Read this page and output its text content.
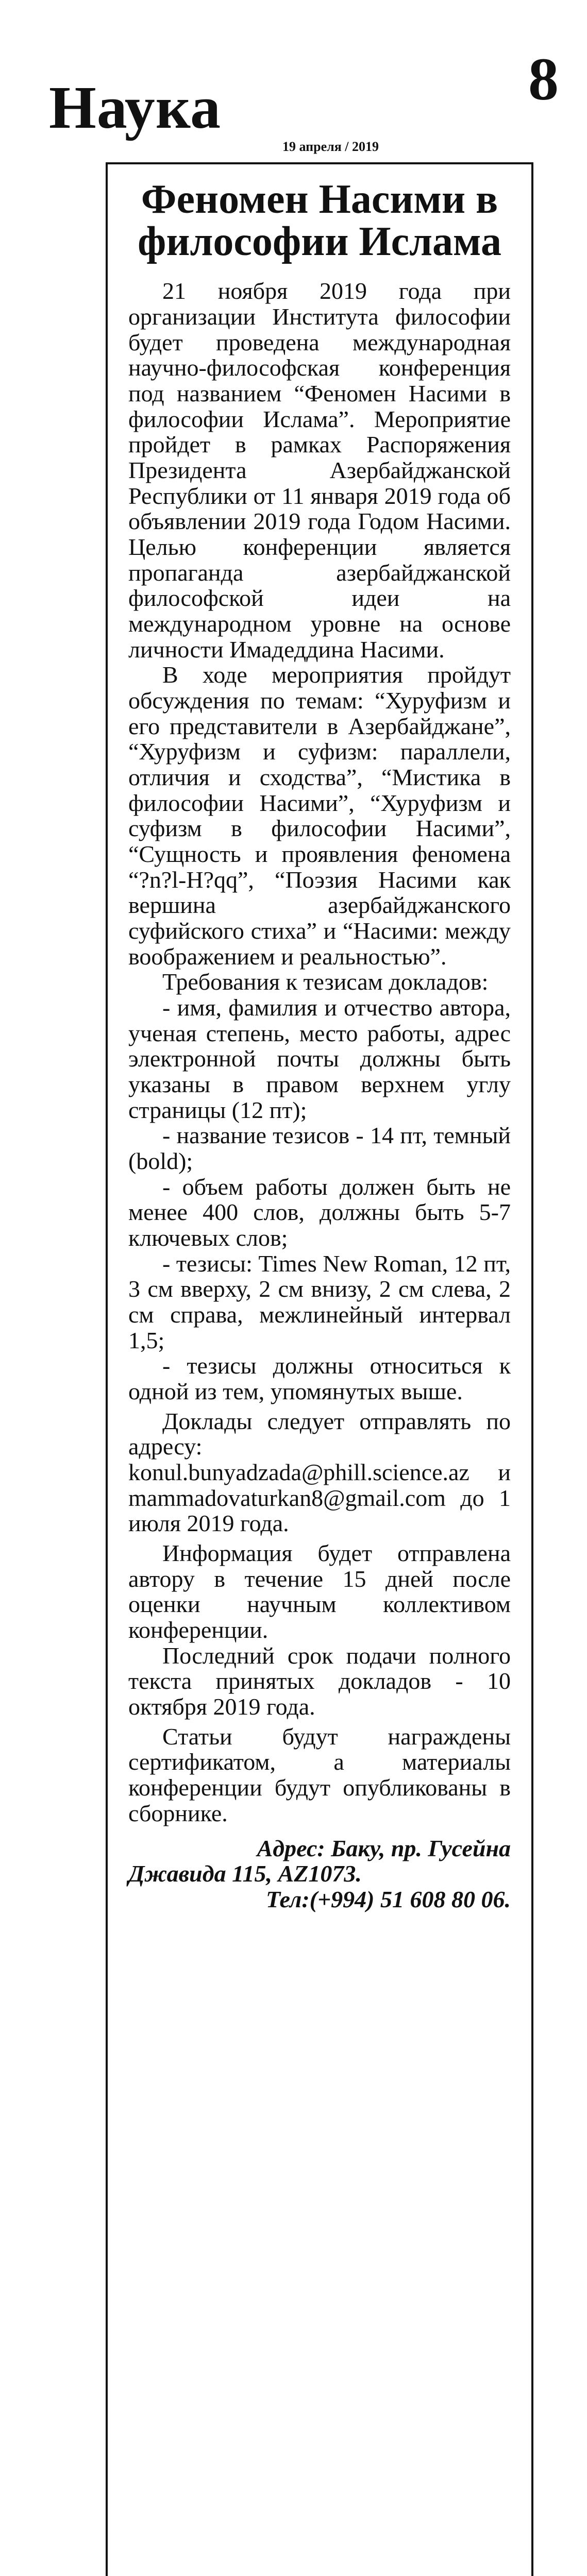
Наука	8
19 апреля / 2019
Феномен Насими в философии Ислама

21 ноября 2019 года при организации Института философии будет проведена международная научно-философская конференция под названием “Феномен Насими в философии Ислама”. Мероприятие пройдет в рамках Распоряжения Президента Азербайджанской Республики от 11 января 2019 года об объявлении 2019 года Годом Насими. Целью конференции является пропаганда азербайджанской философской идеи на международном уровне на основе личности Имадеддина Насими.

В ходе мероприятия пройдут обсуждения по темам: “Хуруфизм и его представители в Азербайджане”, “Хуруфизм и суфизм: параллели, отличия и сходства”, “Мистика в философии Насими”, “Хуруфизм и суфизм в философии Насими”, “Сущность и проявления феномена “?n?l-H?qq”, “Поэзия Насими как вершина азербайджанского суфийского стиха” и “Насими: между воображением и реальностью”.

Требования к тезисам докладов:

- имя, фамилия и отчество автора, ученая степень, место работы, адрес электронной почты должны быть указаны в правом верхнем углу страницы (12 пт);

- название тезисов - 14 пт, темный (bold);

- объем работы должен быть не менее 400 слов, должны быть 5-7 ключевых слов;

- тезисы: Times New Roman, 12 пт, 3 см вверху, 2 см внизу, 2 см слева, 2 см справа, межлинейный интервал 1,5;

- тезисы должны относиться к одной из тем, упомянутых выше.

Доклады следует отправлять по адресу: konul.bunyadzada@phill.science.az и mammadovaturkan8@gmail.com до 1 июля 2019 года.

Информация будет отправлена автору в течение 15 дней после оценки научным коллективом конференции.

Последний срок подачи полного текста принятых докладов - 10 октября 2019 года.

Статьи будут награждены сертификатом, а материалы конференции будут опубликованы в сборнике.

Адрес: Баку, пр. Гусейна
Джавида 115, AZ1073.
Тел:(+994) 51 608 80 06.
